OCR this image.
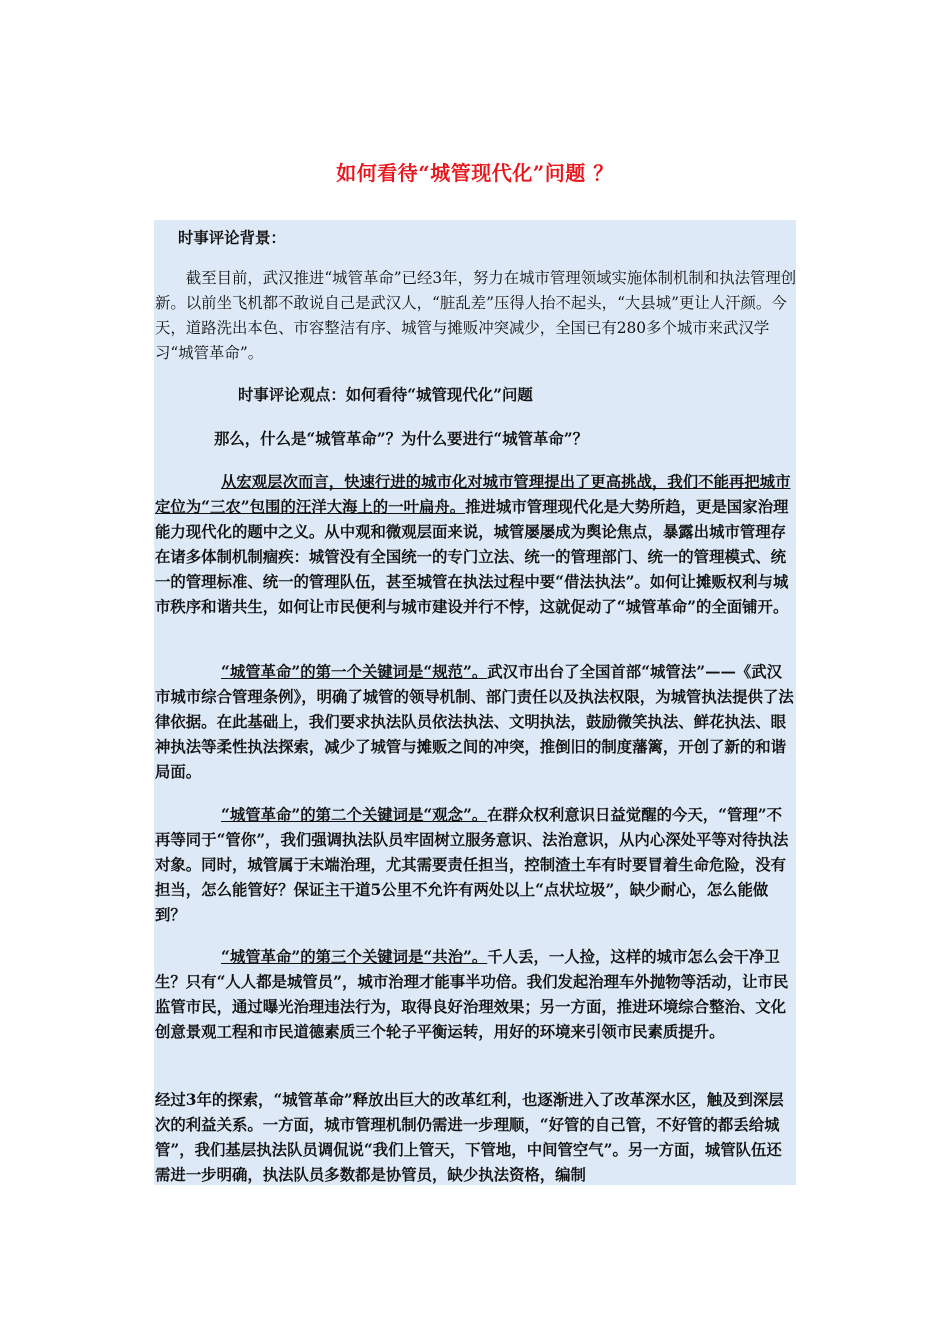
如何看待“城管现代化”问题 ？
时事评论背景：

截至目前，武汉推进“城管革命”已经3年，努力在城市管理领域实施体制机制和执法管理创新。以前坐飞机都不敢说自己是武汉人，“脏乱差”压得人抬不起头，“大县城”更让人汗颜。今天，道路洗出本色、市容整洁有序、城管与摊贩冲突减少，全国已有280多个城市来武汉学习“城管革命”。

时事评论观点：如何看待“城管现代化”问题
那么，什么是“城管革命”？为什么要进行“城管革命”？

从宏观层次而言，快速行进的城市化对城市管理提出了更高挑战，我们不能再把城市定位为“三农”包围的汪洋大海上的一叶扁舟。推进城市管理现代化是大势所趋，更是国家治理能力现代化的题中之义。从中观和微观层面来说，城管屡屡成为舆论焦点，暴露出城市管理存在诸多体制机制痼疾：城管没有全国统一的专门立法、统一的管理部门、统一的管理模式、统一的管理标准、统一的管理队伍，甚至城管在执法过程中要“借法执法”。如何让摊贩权利与城市秩序和谐共生，如何让市民便利与城市建设并行不悖，这就促动了“城管革命”的全面铺开。

“城管革命”的第一个关键词是“规范”。武汉市出台了全国首部“城管法”——《武汉市城市综合管理条例》，明确了城管的领导机制、部门责任以及执法权限，为城管执法提供了法律依据。在此基础上，我们要求执法队员依法执法、文明执法，鼓励微笑执法、鲜花执法、眼神执法等柔性执法探索，减少了城管与摊贩之间的冲突，推倒旧的制度藩篱，开创了新的和谐局面。

“城管革命”的第二个关键词是“观念”。在群众权利意识日益觉醒的今天，“管理”不再等同于“管你”，我们强调执法队员牢固树立服务意识、法治意识，从内心深处平等对待执法对象。同时，城管属于末端治理，尤其需要责任担当，控制渣土车有时要冒着生命危险，没有担当，怎么能管好？保证主干道5公里不允许有两处以上“点状垃圾”，缺少耐心，怎么能做到？

“城管革命”的第三个关键词是“共治”。千人丢，一人捡，这样的城市怎么会干净卫生？只有“人人都是城管员”，城市治理才能事半功倍。我们发起治理车外抛物等活动，让市民监管市民，通过曝光治理违法行为，取得良好治理效果；另一方面，推进环境综合整治、文化创意景观工程和市民道德素质三个轮子平衡运转，用好的环境来引领市民素质提升。

经过3年的探索，“城管革命”释放出巨大的改革红利，也逐渐进入了改革深水区，触及到深层次的利益关系。一方面，城市管理机制仍需进一步理顺，“好管的自己管，不好管的都丢给城管”，我们基层执法队员调侃说“我们上管天，下管地，中间管空气”。另一方面，城管队伍还需进一步明确，执法队员多数都是协管员，缺少执法资格，编制
